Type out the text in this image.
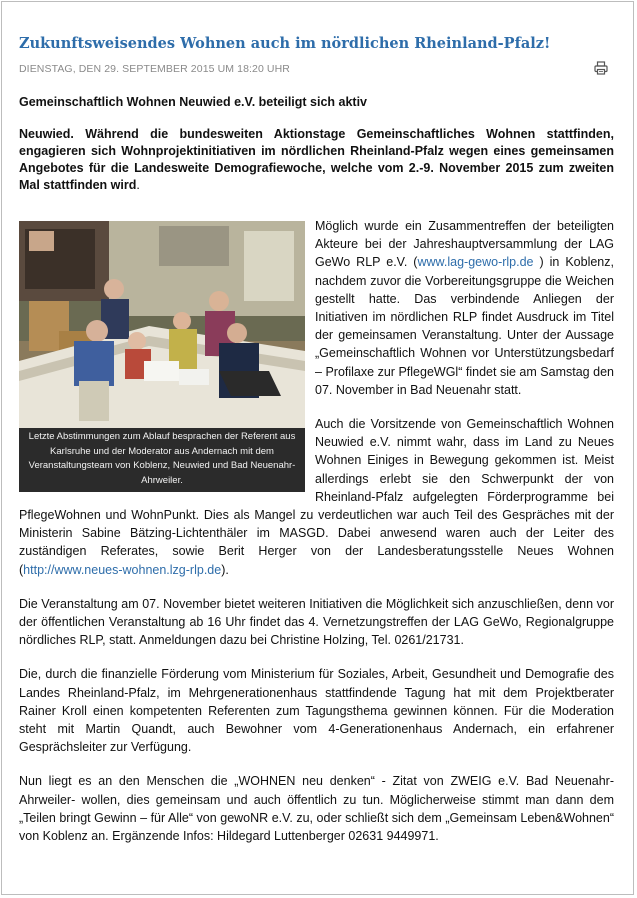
Zukunftsweisendes Wohnen auch im nördlichen Rheinland-Pfalz!
DIENSTAG, DEN 29. SEPTEMBER 2015 UM 18:20 UHR
Gemeinschaftlich Wohnen Neuwied e.V. beteiligt sich aktiv

Neuwied. Während die bundesweiten Aktionstage Gemeinschaftliches Wohnen stattfinden, engagieren sich Wohnprojektinitiativen im nördlichen Rheinland-Pfalz wegen eines gemeinsamen Angebotes für die Landesweite Demografiewoche, welche vom 2.-9. November 2015 zum zweiten Mal stattfinden wird.

Letzte Abstimmungen zum Ablauf besprachen der Referent aus Karlsruhe und der Moderator aus Andernach mit dem Veranstaltungsteam von Koblenz, Neuwied und Bad Neuenahr-Ahrweiler.

Möglich wurde ein Zusammentreffen der beteiligten Akteure bei der Jahreshauptversammlung der LAG GeWo RLP e.V. (www.lag-gewo-rlp.de ) in Koblenz, nachdem zuvor die Vorbereitungsgruppe die Weichen gestellt hatte. Das verbindende Anliegen der Initiativen im nördlichen RLP findet Ausdruck im Titel der gemeinsamen Veranstaltung. Unter der Aussage „Gemeinschaftlich Wohnen vor Unterstützungsbedarf – Profilaxe zur PflegeWGl“ findet sie am Samstag den 07. November in Bad Neuenahr statt.

Auch die Vorsitzende von Gemeinschaftlich Wohnen Neuwied e.V. nimmt wahr, dass im Land zu Neues Wohnen Einiges in Bewegung gekommen ist. Meist allerdings erlebt sie den Schwerpunkt der von Rheinland-Pfalz aufgelegten Förderprogramme bei PflegeWohnen und WohnPunkt. Dies als Mangel zu verdeutlichen war auch Teil des Gespräches mit der Ministerin Sabine Bätzing-Lichtenthäler im MASGD. Dabei anwesend waren auch der Leiter des zuständigen Referates, sowie Berit Herger von der Landesberatungsstelle Neues Wohnen (http://www.neues-wohnen.lzg-rlp.de).

Die Veranstaltung am 07. November bietet weiteren Initiativen die Möglichkeit sich anzuschließen, denn vor der öffentlichen Veranstaltung ab 16 Uhr findet das 4. Vernetzungstreffen der LAG GeWo, Regionalgruppe nördliches RLP, statt. Anmeldungen dazu bei Christine Holzing, Tel. 0261/21731.

Die, durch die finanzielle Förderung vom Ministerium für Soziales, Arbeit, Gesundheit und Demografie des Landes Rheinland-Pfalz, im Mehrgenerationenhaus stattfindende Tagung hat mit dem Projektberater Rainer Kroll einen kompetenten Referenten zum Tagungsthema gewinnen können. Für die Moderation steht mit Martin Quandt, auch Bewohner vom 4-Generationenhaus Andernach, ein erfahrener Gesprächsleiter zur Verfügung.

Nun liegt es an den Menschen die „WOHNEN neu denken“ - Zitat von ZWEIG e.V. Bad Neuenahr-Ahrweiler- wollen, dies gemeinsam und auch öffentlich zu tun. Möglicherweise stimmt man dann dem „Teilen bringt Gewinn – für Alle“ von gewoNR e.V. zu, oder schließt sich dem „Gemeinsam Leben&Wohnen“ von Koblenz an. Ergänzende Infos: Hildegard Luttenberger 02631 9449971.
